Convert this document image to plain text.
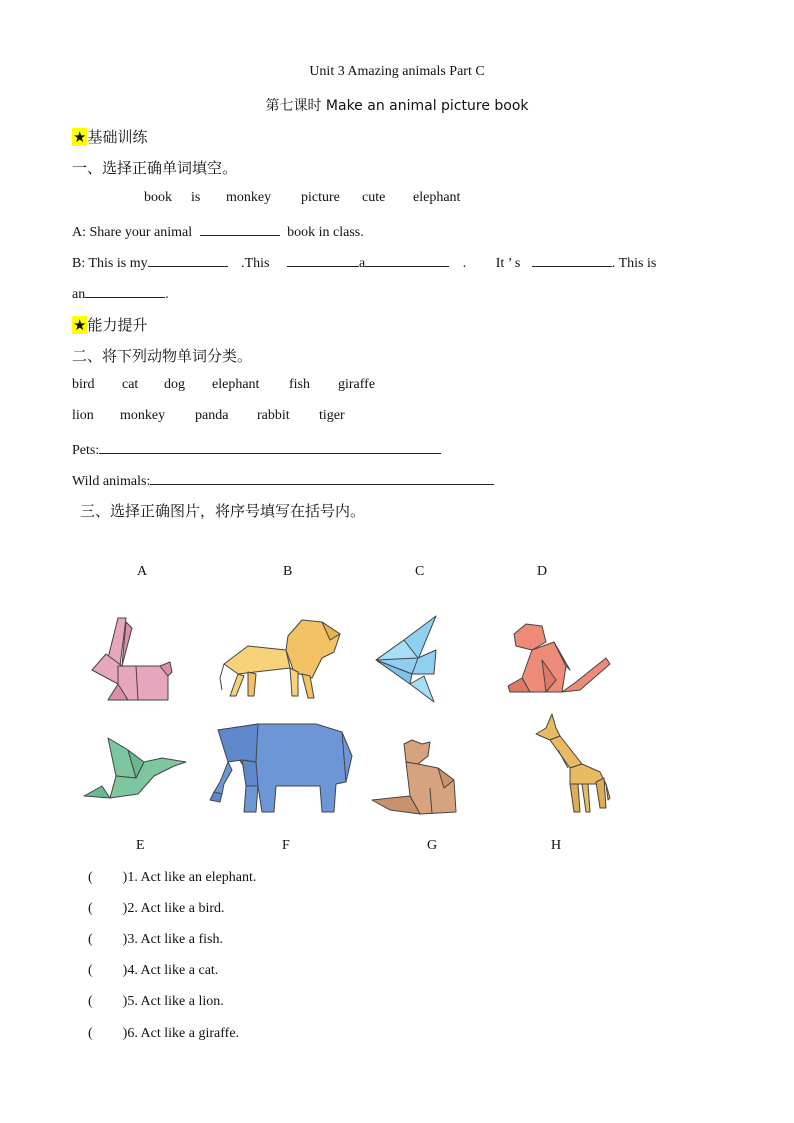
Unit 3 Amazing animals Part C
第七课时 Make an animal picture book
★基础训练
一、选择正确单词填空。
book is monkey picture cute elephant
A: Share your animal	book in class.
B: This is my	.This	a	. It ’ s	. This is
an	.
★能力提升
二、将下列动物单词分类。
bird cat dog elephant fish giraffe
lion monkey panda rabbit tiger
Pets:
Wild animals:
三、选择正确图片，将序号填写在括号内。
A	B	C	D
E	F	G	H
( )1. Act like an elephant.
( )2. Act like a bird.
( )3. Act like a fish.
( )4. Act like a cat.
( )5. Act like a lion.
( )6. Act like a giraffe.
